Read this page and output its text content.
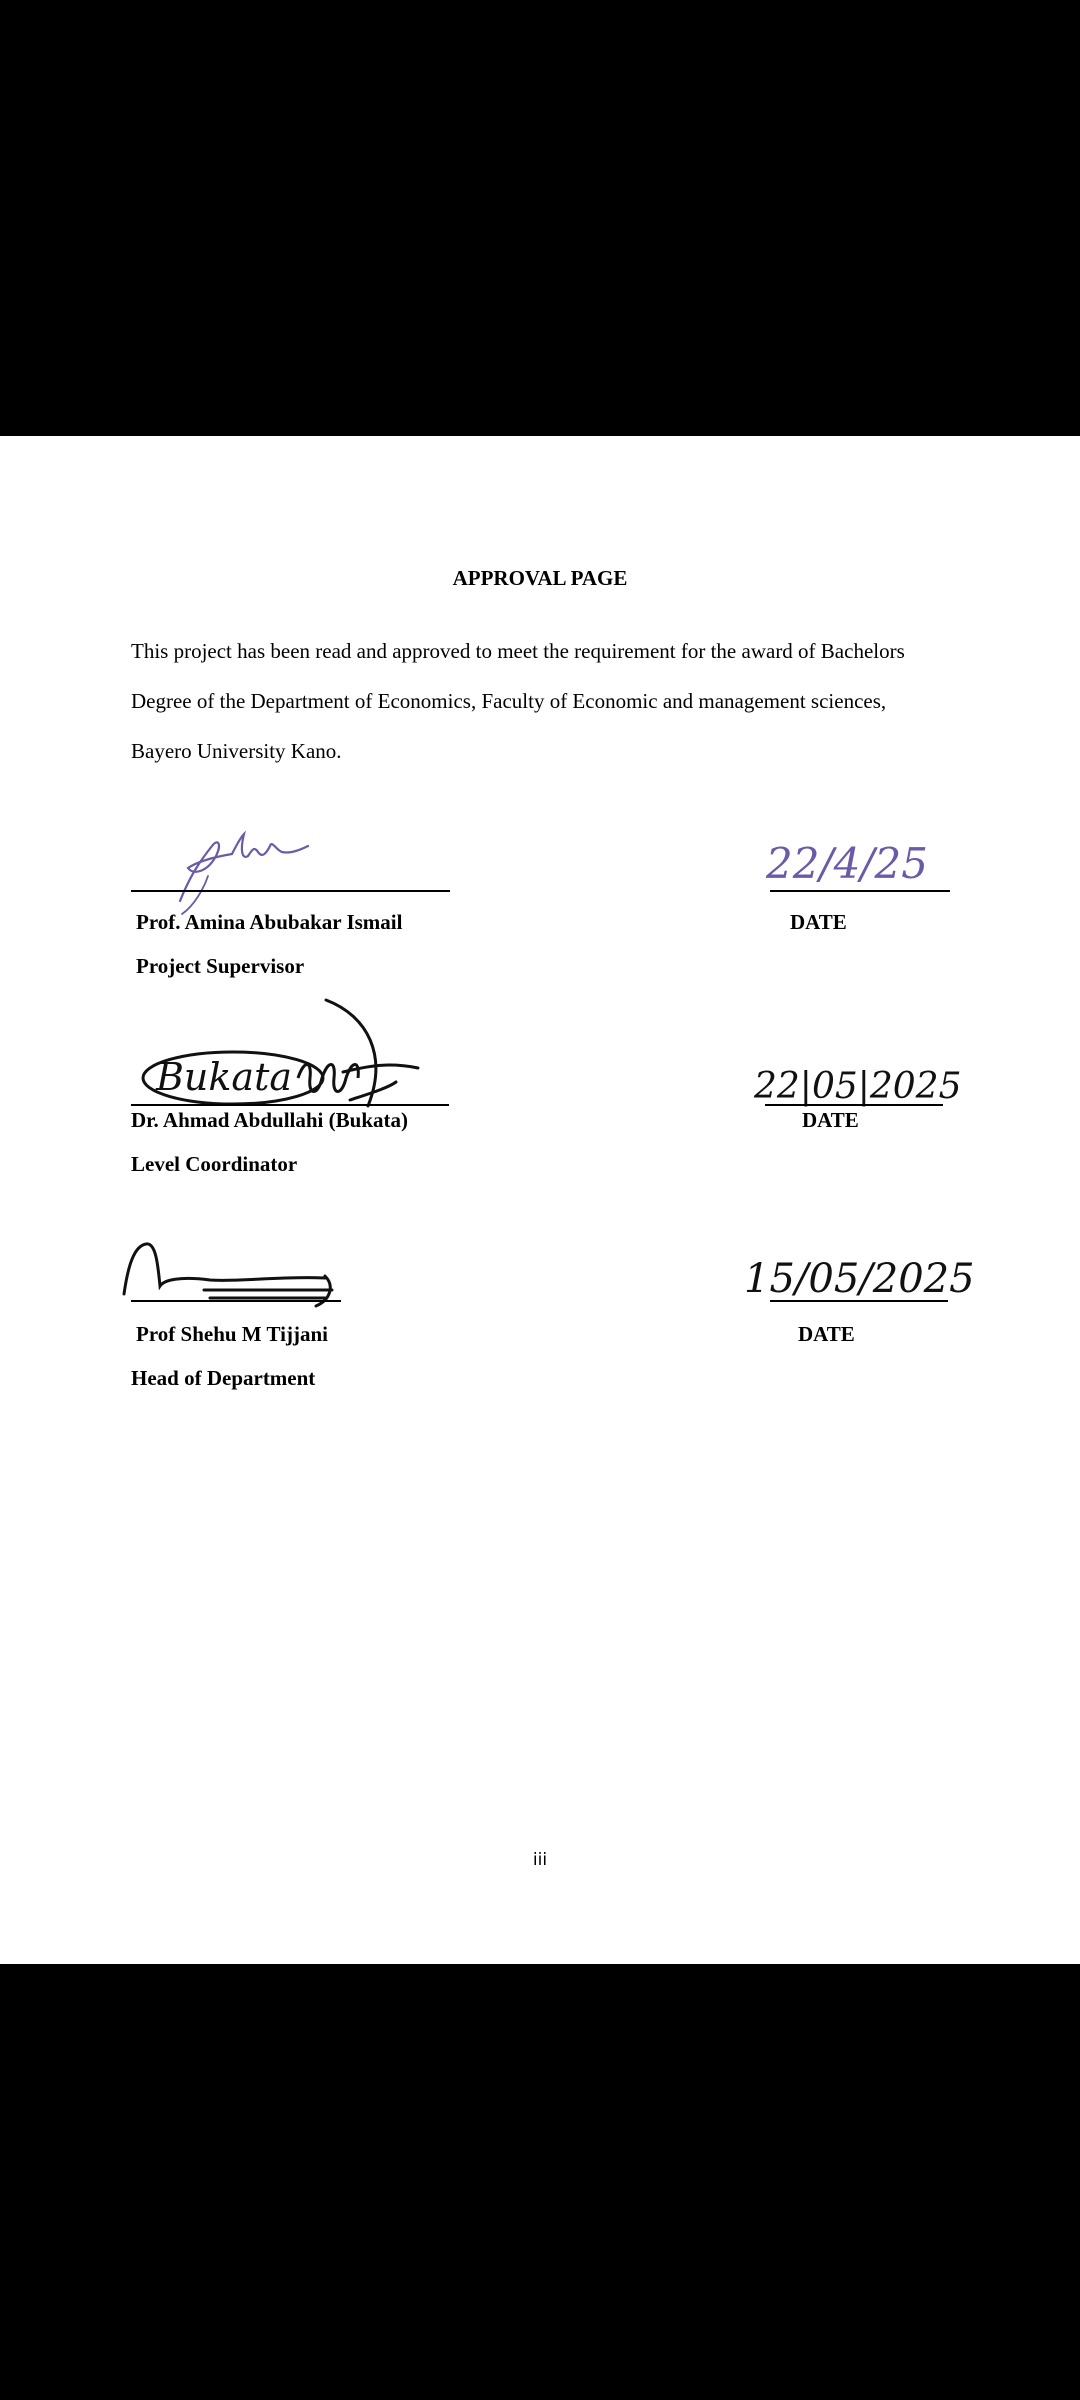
APPROVAL PAGE
This project has been read and approved to meet the requirement for the award of Bachelors
Degree of the Department of Economics, Faculty of Economic and management sciences,
Bayero University Kano.
22/4/25
Prof. Amina Abubakar Ismail	DATE
Project Supervisor
Bukata	22|05|2025
Dr. Ahmad Abdullahi (Bukata)	DATE
Level Coordinator
15/05/2025
Prof Shehu M Tijjani	DATE
Head of Department
iii
